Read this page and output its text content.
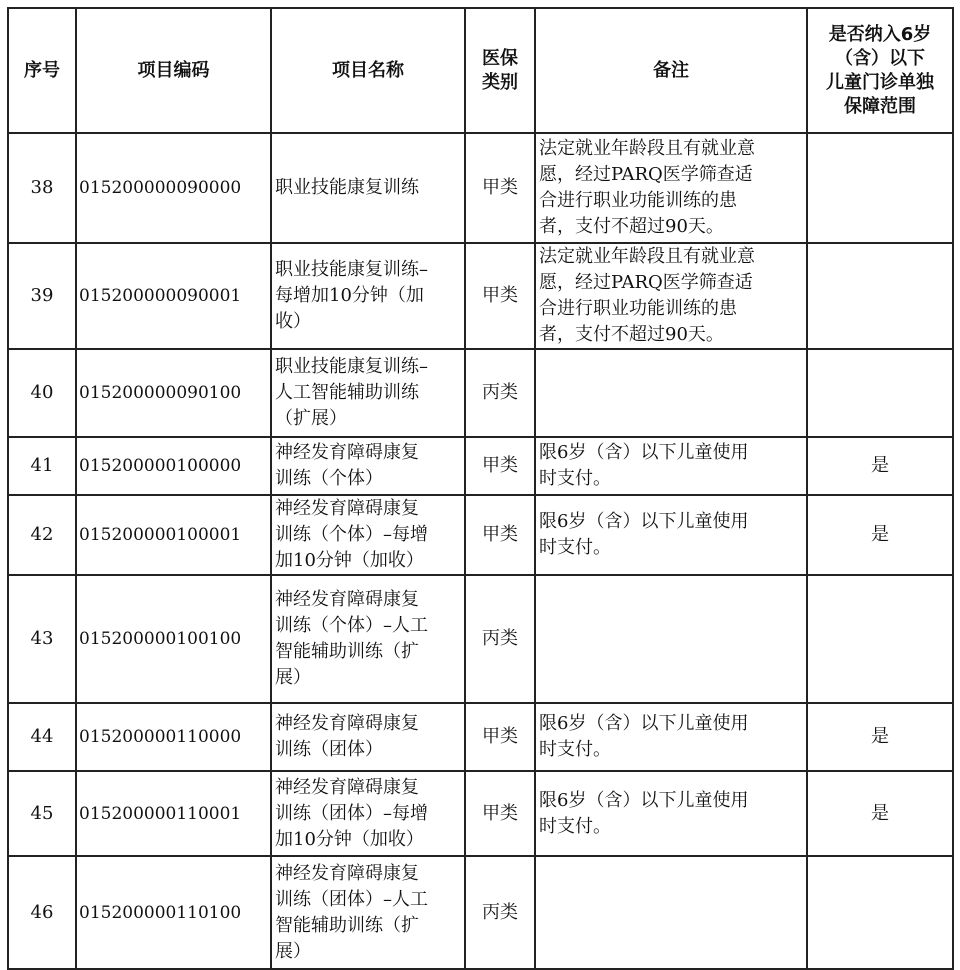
序号	项目编码	项目名称	医保
类别	备注	是否纳入6岁
（含）以下
儿童门诊单独
保障范围
38	015200000090000	职业技能康复训练	甲类	法定就业年龄段且有就业意
愿，经过PARQ医学筛查适
合进行职业功能训练的患
者，支付不超过90天。	
39	015200000090001	职业技能康复训练–
每增加10分钟（加
收）	甲类	法定就业年龄段且有就业意
愿，经过PARQ医学筛查适
合进行职业功能训练的患
者，支付不超过90天。	
40	015200000090100	职业技能康复训练–
人工智能辅助训练
（扩展）	丙类		
41	015200000100000	神经发育障碍康复
训练（个体）	甲类	限6岁（含）以下儿童使用
时支付。	是
42	015200000100001	神经发育障碍康复
训练（个体）–每增
加10分钟（加收）	甲类	限6岁（含）以下儿童使用
时支付。	是
43	015200000100100	神经发育障碍康复
训练（个体）–人工
智能辅助训练（扩
展）	丙类		
44	015200000110000	神经发育障碍康复
训练（团体）	甲类	限6岁（含）以下儿童使用
时支付。	是
45	015200000110001	神经发育障碍康复
训练（团体）–每增
加10分钟（加收）	甲类	限6岁（含）以下儿童使用
时支付。	是
46	015200000110100	神经发育障碍康复
训练（团体）–人工
智能辅助训练（扩
展）	丙类		
